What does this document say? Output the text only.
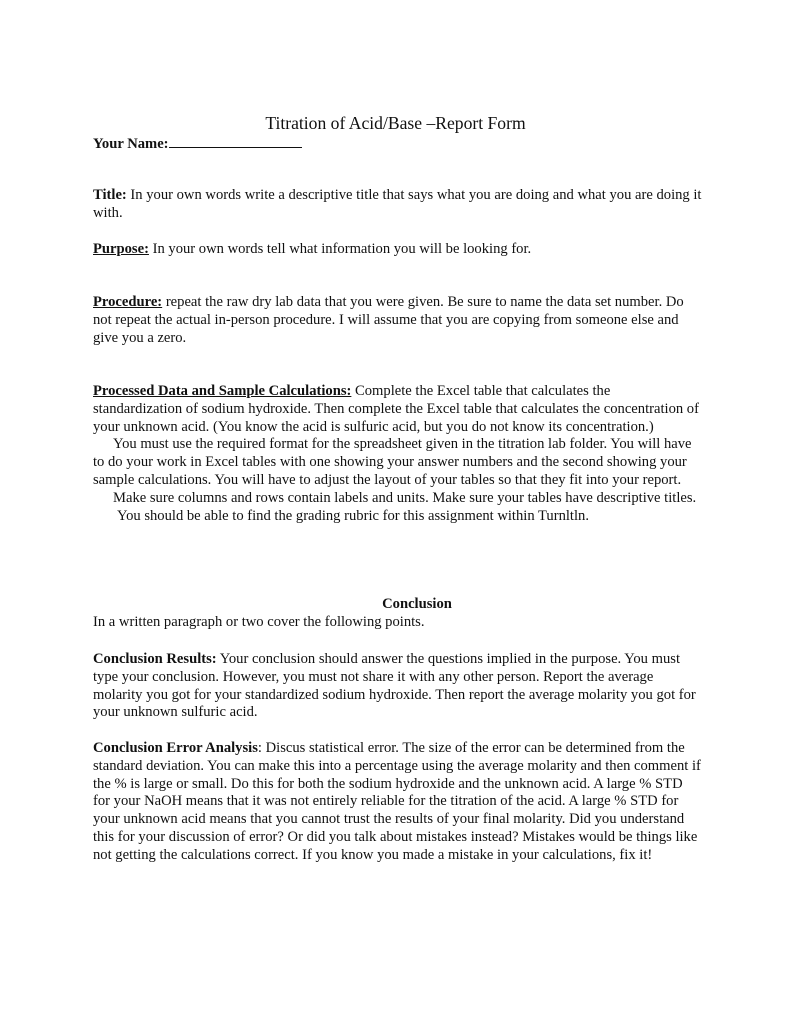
Titration of Acid/Base –Report Form
Your Name:

Title: In your own words write a descriptive title that says what you are doing and what you are doing it with.

Purpose: In your own words tell what information you will be looking for.

Procedure: repeat the raw dry lab data that you were given. Be sure to name the data set number. Do not repeat the actual in-person procedure. I will assume that you are copying from someone else and give you a zero.

Processed Data and Sample Calculations: Complete the Excel table that calculates the standardization of sodium hydroxide. Then complete the Excel table that calculates the concentration of your unknown acid. (You know the acid is sulfuric acid, but you do not know its concentration.)

You must use the required format for the spreadsheet given in the titration lab folder. You will have to do your work in Excel tables with one showing your answer numbers and the second showing your sample calculations. You will have to adjust the layout of your tables so that they fit into your report.

Make sure columns and rows contain labels and units. Make sure your tables have descriptive titles.

You should be able to find the grading rubric for this assignment within Turnltln.

Conclusion

In a written paragraph or two cover the following points.

Conclusion Results: Your conclusion should answer the questions implied in the purpose. You must type your conclusion. However, you must not share it with any other person. Report the average molarity you got for your standardized sodium hydroxide. Then report the average molarity you got for your unknown sulfuric acid.

Conclusion Error Analysis: Discus statistical error. The size of the error can be determined from the standard deviation. You can make this into a percentage using the average molarity and then comment if the % is large or small. Do this for both the sodium hydroxide and the unknown acid. A large % STD for your NaOH means that it was not entirely reliable for the titration of the acid. A large % STD for your unknown acid means that you cannot trust the results of your final molarity. Did you understand this for your discussion of error? Or did you talk about mistakes instead? Mistakes would be things like not getting the calculations correct. If you know you made a mistake in your calculations, fix it!
